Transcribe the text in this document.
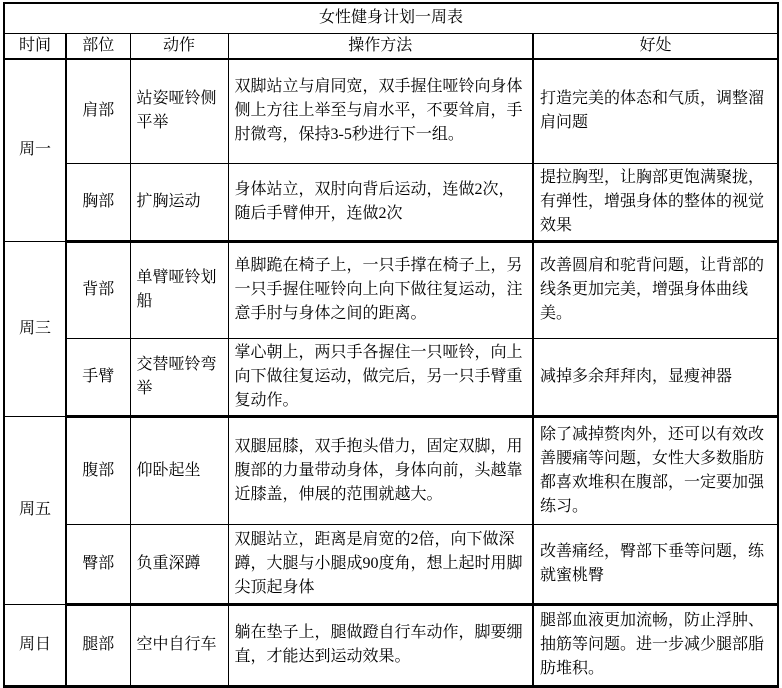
女性健身计划一周表				
时间	部位	动作	操作方法	好处
周一	肩部	站姿哑铃侧平举	双脚站立与肩同宽，双手握住哑铃向身体侧上方往上举至与肩水平，不要耸肩，手肘微弯，保持3-5秒进行下一组。	打造完美的体态和气质，调整溜肩问题
	胸部	扩胸运动	身体站立，双肘向背后运动，连做2次，随后手臂伸开，连做2次	提拉胸型，让胸部更饱满聚拢，有弹性，增强身体的整体的视觉效果
周三	背部	单臂哑铃划船	单脚跪在椅子上，一只手撑在椅子上，另一只手握住哑铃向上向下做往复运动，注意手肘与身体之间的距离。	改善圆肩和驼背问题，让背部的线条更加完美，增强身体曲线美。
	手臂	交替哑铃弯举	掌心朝上，两只手各握住一只哑铃，向上向下做往复运动，做完后，另一只手臂重复动作。	减掉多余拜拜肉，显瘦神器
周五	腹部	仰卧起坐	双腿屈膝，双手抱头借力，固定双脚，用腹部的力量带动身体，身体向前，头越靠近膝盖，伸展的范围就越大。	除了减掉赘肉外，还可以有效改善腰痛等问题，女性大多数脂肪都喜欢堆积在腹部，一定要加强练习。
	臀部	负重深蹲	双腿站立，距离是肩宽的2倍，向下做深蹲，大腿与小腿成90度角，想上起时用脚尖顶起身体	改善痛经，臀部下垂等问题，练就蜜桃臀
周日	腿部	空中自行车	躺在垫子上，腿做蹬自行车动作，脚要绷直，才能达到运动效果。	腿部血液更加流畅，防止浮肿、抽筋等问题。进一步减少腿部脂肪堆积。
